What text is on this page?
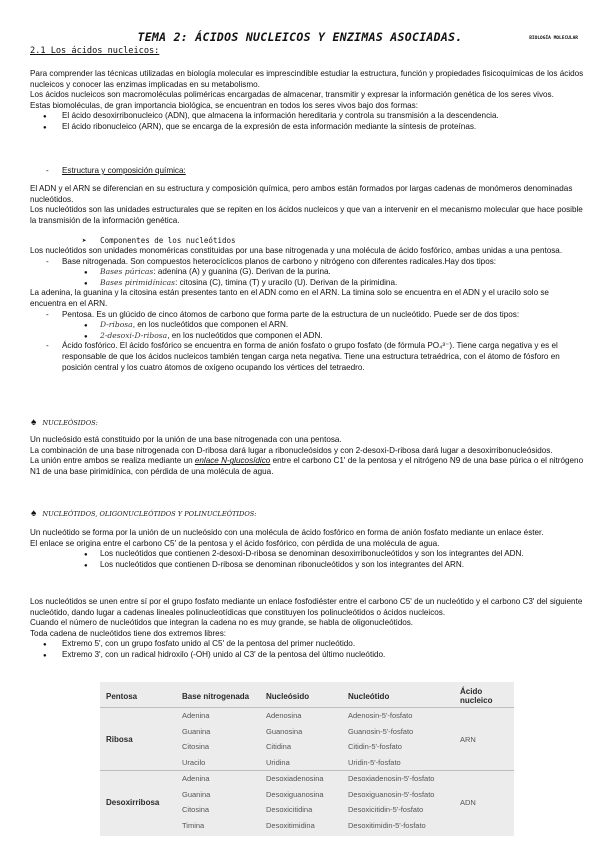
TEMA 2: ÁCIDOS NUCLEICOS Y ENZIMAS ASOCIADAS.	BIOLOGÍA MOLECULAR
2.1 Los ácidos nucleicos:

Para comprender las técnicas utilizadas en biología molecular es imprescindible estudiar la estructura, función y propiedades fisicoquímicas de los ácidos nucleicos y conocer las enzimas implicadas en su metabolismo.

Los ácidos nucleicos son macromoléculas poliméricas encargadas de almacenar, transmitir y expresar la información genética de los seres vivos.

Estas biomoléculas, de gran importancia biológica, se encuentran en todos los seres vivos bajo dos formas:

● El ácido desoxirribonucleico (ADN), que almacena la información hereditaria y controla su transmisión a la descendencia.

● El ácido ribonucleico (ARN), que se encarga de la expresión de esta información mediante la síntesis de proteínas.

- Estructura y composición química:

El ADN y el ARN se diferencian en su estructura y composición química, pero ambos están formados por largas cadenas de monómeros denominadas nucleótidos.

Los nucleótidos son las unidades estructurales que se repiten en los ácidos nucleicos y que van a intervenir en el mecanismo molecular que hace posible la transmisión de la información genética.

➤ Componentes de los nucleótidos

Los nucleótidos son unidades monoméricas constituidas por una base nitrogenada y una molécula de ácido fosfórico, ambas unidas a una pentosa.

- Base nitrogenada. Son compuestos heterocíclicos planos de carbono y nitrógeno con diferentes radicales.Hay dos tipos:

● Bases púricas: adenina (A) y guanina (G). Derivan de la purina.

● Bases pirimidínicas: citosina (C), timina (T) y uracilo (U). Derivan de la pirimidina.

La adenina, la guanina y la citosina están presentes tanto en el ADN como en el ARN. La timina solo se encuentra en el ADN y el uracilo solo se encuentra en el ARN.

- Pentosa. Es un glúcido de cinco átomos de carbono que forma parte de la estructura de un nucleótido. Puede ser de dos tipos:

● D-ribosa, en los nucleótidos que componen el ARN.

● 2-desoxi-D-ribosa, en los nucleótidos que componen el ADN.

- Ácido fosfórico. El ácido fosfórico se encuentra en forma de anión fosfato o grupo fosfato (de fórmula PO₄³⁻). Tiene carga negativa y es el responsable de que los ácidos nucleicos también tengan carga neta negativa. Tiene una estructura tetraédrica, con el átomo de fósforo en posición central y los cuatro átomos de oxígeno ocupando los vértices del tetraedro.

♠ NUCLEÓSIDOS:

Un nucleósido está constituido por la unión de una base nitrogenada con una pentosa.

La combinación de una base nitrogenada con D-ribosa dará lugar a ribonucleósidos y con 2-desoxi-D-ribosa dará lugar a desoxirribonucleósidos.

La unión entre ambos se realiza mediante un enlace N-glucosídico entre el carbono C1' de la pentosa y el nitrógeno N9 de una base púrica o el nitrógeno N1 de una base pirimidínica, con pérdida de una molécula de agua.

♠ NUCLEÓTIDOS, OLIGONUCLEÓTIDOS Y POLINUCLEÓTIDOS:

Un nucleótido se forma por la unión de un nucleósido con una molécula de ácido fosfórico en forma de anión fosfato mediante un enlace éster.

El enlace se origina entre el carbono C5' de la pentosa y el ácido fosfórico, con pérdida de una molécula de agua.

● Los nucleótidos que contienen 2-desoxi-D-ribosa se denominan desoxirribonucleótidos y son los integrantes del ADN.

● Los nucleótidos que contienen D-ribosa se denominan ribonucleótidos y son los integrantes del ARN.

Los nucleótidos se unen entre sí por el grupo fosfato mediante un enlace fosfodiéster entre el carbono C5' de un nucleótido y el carbono C3' del siguiente nucleótido, dando lugar a cadenas lineales polinucleotídicas que constituyen los polinucleótidos o ácidos nucleicos.

Cuando el número de nucleótidos que integran la cadena no es muy grande, se habla de oligonucleótidos.

Toda cadena de nucleótidos tiene dos extremos libres:

● Extremo 5', con un grupo fosfato unido al C5' de la pentosa del primer nucleótido.

● Extremo 3', con un radical hidroxilo (-OH) unido al C3' de la pentosa del último nucleótido.

Pentosa	Base nitrogenada	Nucleósido	Nucleótido	Ácido nucleico
Ribosa	Adenina	Adenosina	Adenosin-5'-fosfato	ARN
	Guanina	Guanosina	Guanosin-5'-fosfato	
	Citosina	Citidina	Citidin-5'-fosfato	
	Uracilo	Uridina	Uridin-5'-fosfato	
Desoxirribosa	Adenina	Desoxiadenosina	Desoxiadenosin-5'-fosfato	ADN
	Guanina	Desoxiguanosina	Desoxiguanosin-5'-fosfato	
	Citosina	Desoxicitidina	Desoxicitidin-5'-fosfato	
	Timina	Desoxitimidina	Desoxitimidin-5'-fosfato	
